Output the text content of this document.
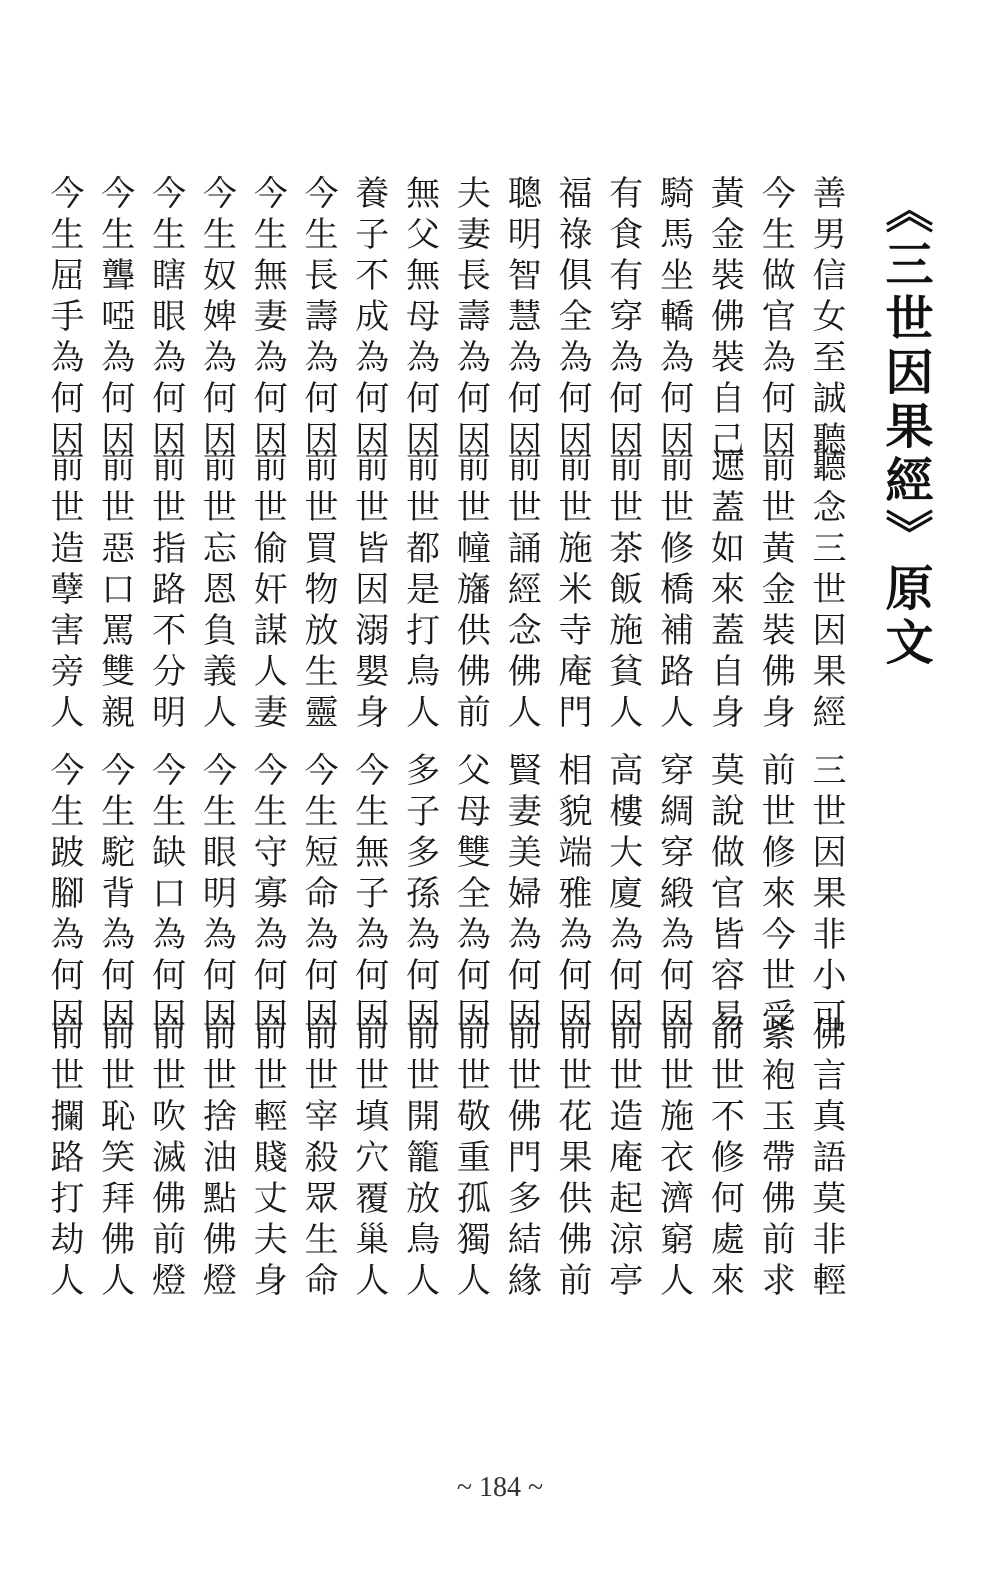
《三世因果經》原文
善男信女至誠聽
今生做官為何因
黃金裝佛裝自己
騎馬坐轎為何因
有食有穿為何因
福祿俱全為何因
聰明智慧為何因
夫妻長壽為何因
無父無母為何因
養子不成為何因
今生長壽為何因
今生無妻為何因
今生奴婢為何因
今生瞎眼為何因
今生聾啞為何因
今生屈手為何因
聽念三世因果經
前世黃金裝佛身
遮蓋如來蓋自身
前世修橋補路人
前世茶飯施貧人
前世施米寺庵門
前世誦經念佛人
前世幢旛供佛前
前世都是打鳥人
前世皆因溺嬰身
前世買物放生靈
前世偷奸謀人妻
前世忘恩負義人
前世指路不分明
前世惡口罵雙親
前世造孽害旁人
三世因果非小可
前世修來今世受
莫說做官皆容易
穿綢穿緞為何因
高樓大廈為何因
相貌端雅為何因
賢妻美婦為何因
父母雙全為何因
多子多孫為何因
今生無子為何因
今生短命為何因
今生守寡為何因
今生眼明為何因
今生缺口為何因
今生駝背為何因
今生跛腳為何因
佛言真語莫非輕
紫袍玉帶佛前求
前世不修何處來
前世施衣濟窮人
前世造庵起涼亭
前世花果供佛前
前世佛門多結緣
前世敬重孤獨人
前世開籠放鳥人
前世填穴覆巢人
前世宰殺眾生命
前世輕賤丈夫身
前世捨油點佛燈
前世吹滅佛前燈
前世恥笑拜佛人
前世攔路打劫人
~ 184 ~
